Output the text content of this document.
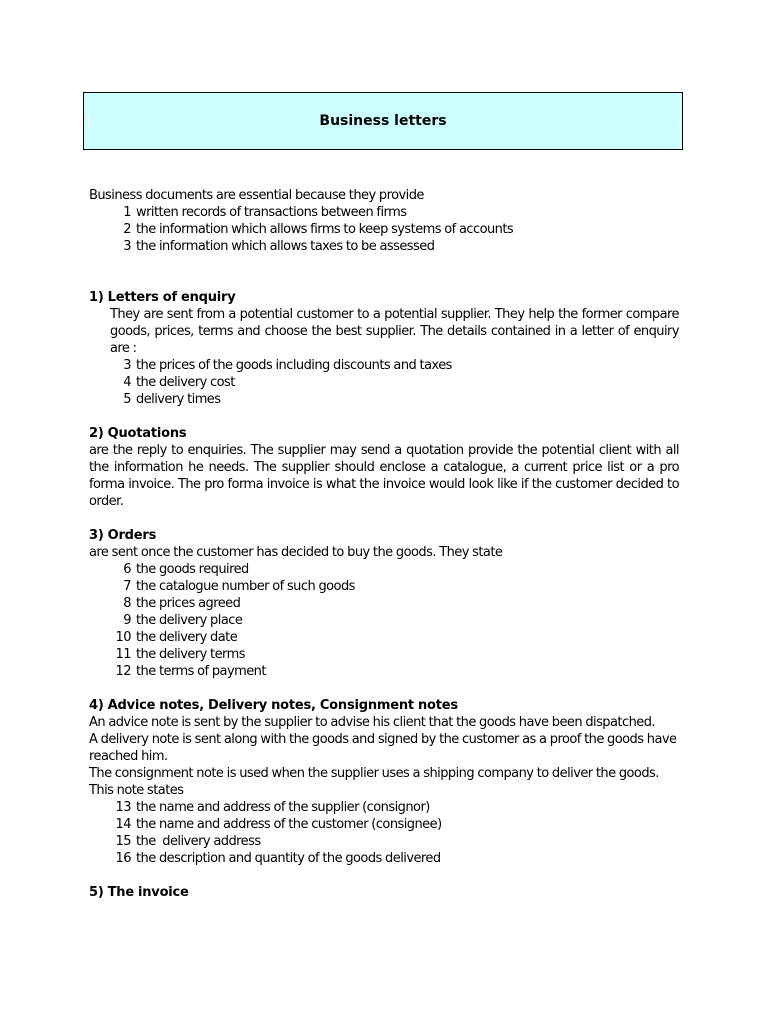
Business letters

Business documents are essential because they provide

1 written records of transactions between firms
2 the information which allows firms to keep systems of accounts
3 the information which allows taxes to be assessed
1) Letters of enquiry

They are sent from a potential customer to a potential supplier. They help the former compare goods, prices, terms and choose the best supplier. The details contained in a letter of enquiry are :

3 the prices of the goods including discounts and taxes
4 the delivery cost
5 delivery times
2) Quotations

are the reply to enquiries. The supplier may send a quotation provide the potential client with all the information he needs. The supplier should enclose a catalogue, a current price list or a pro forma invoice. The pro forma invoice is what the invoice would look like if the customer decided to order.

3) Orders

are sent once the customer has decided to buy the goods. They state

6 the goods required
7 the catalogue number of such goods
8 the prices agreed
9 the delivery place
10 the delivery date
11 the delivery terms
12 the terms of payment
4) Advice notes, Delivery notes, Consignment notes

An advice note is sent by the supplier to advise his client that the goods have been dispatched.

A delivery note is sent along with the goods and signed by the customer as a proof the goods have reached him.

The consignment note is used when the supplier uses a shipping company to deliver the goods. This note states

13 the name and address of the supplier (consignor)
14 the name and address of the customer (consignee)
15 the  delivery address
16 the description and quantity of the goods delivered
5) The invoice
